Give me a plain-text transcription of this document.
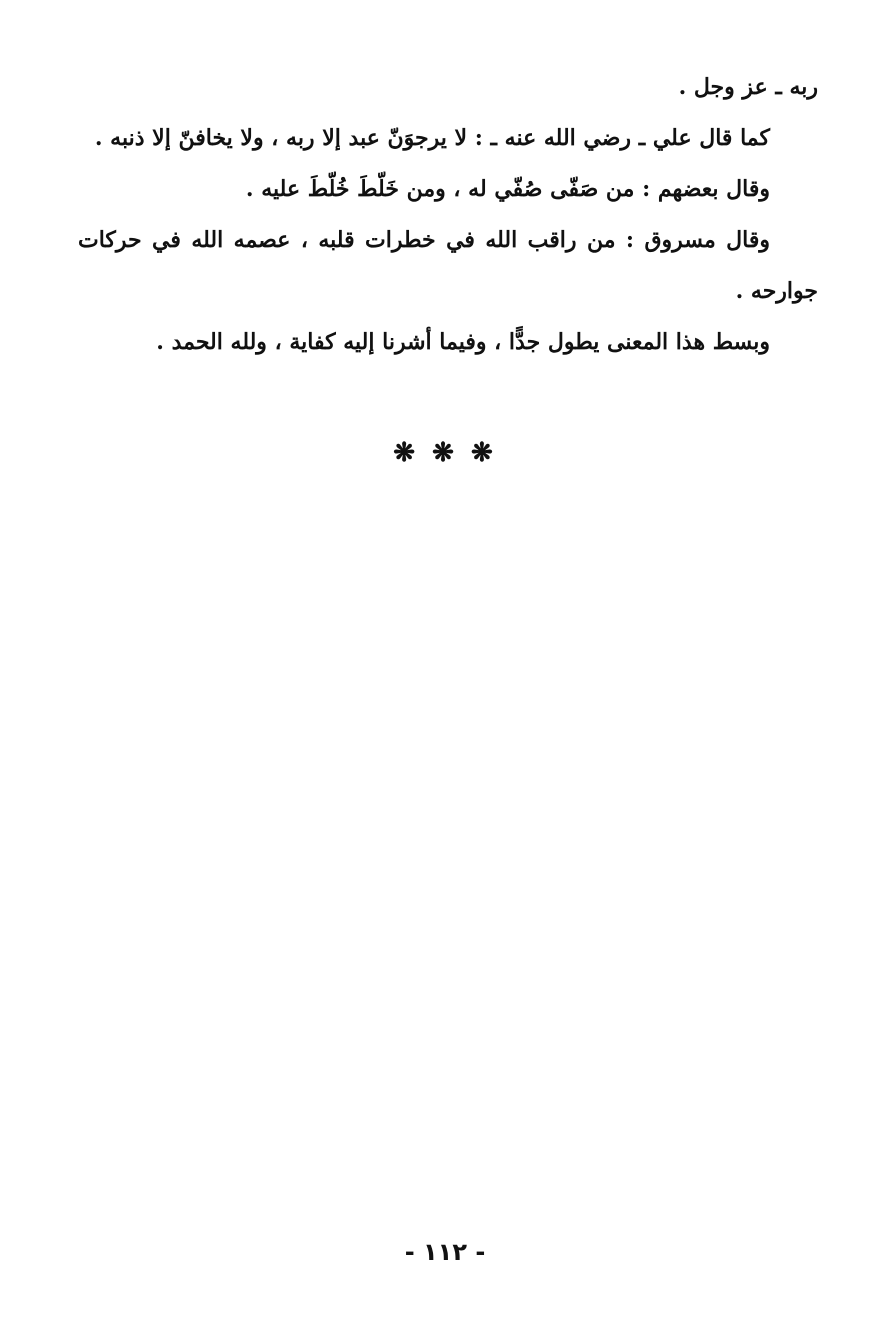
ربه ـ عز وجل .

كما قال علي ـ رضي الله عنه ـ : لا يرجوَنّ عبد إلا ربه ، ولا يخافنّ إلا ذنبه .

وقال بعضهم : من صَفّى صُفّي له ، ومن خَلّطَ خُلّطَ عليه .

وقال مسروق : من راقب الله في خطرات قلبه ، عصمه الله في حركات جوارحه .

وبسط هذا المعنى يطول جدًّا ، وفيما أشرنا إليه كفاية ، ولله الحمد .

❋ ❋ ❋
- ١١٢ -
